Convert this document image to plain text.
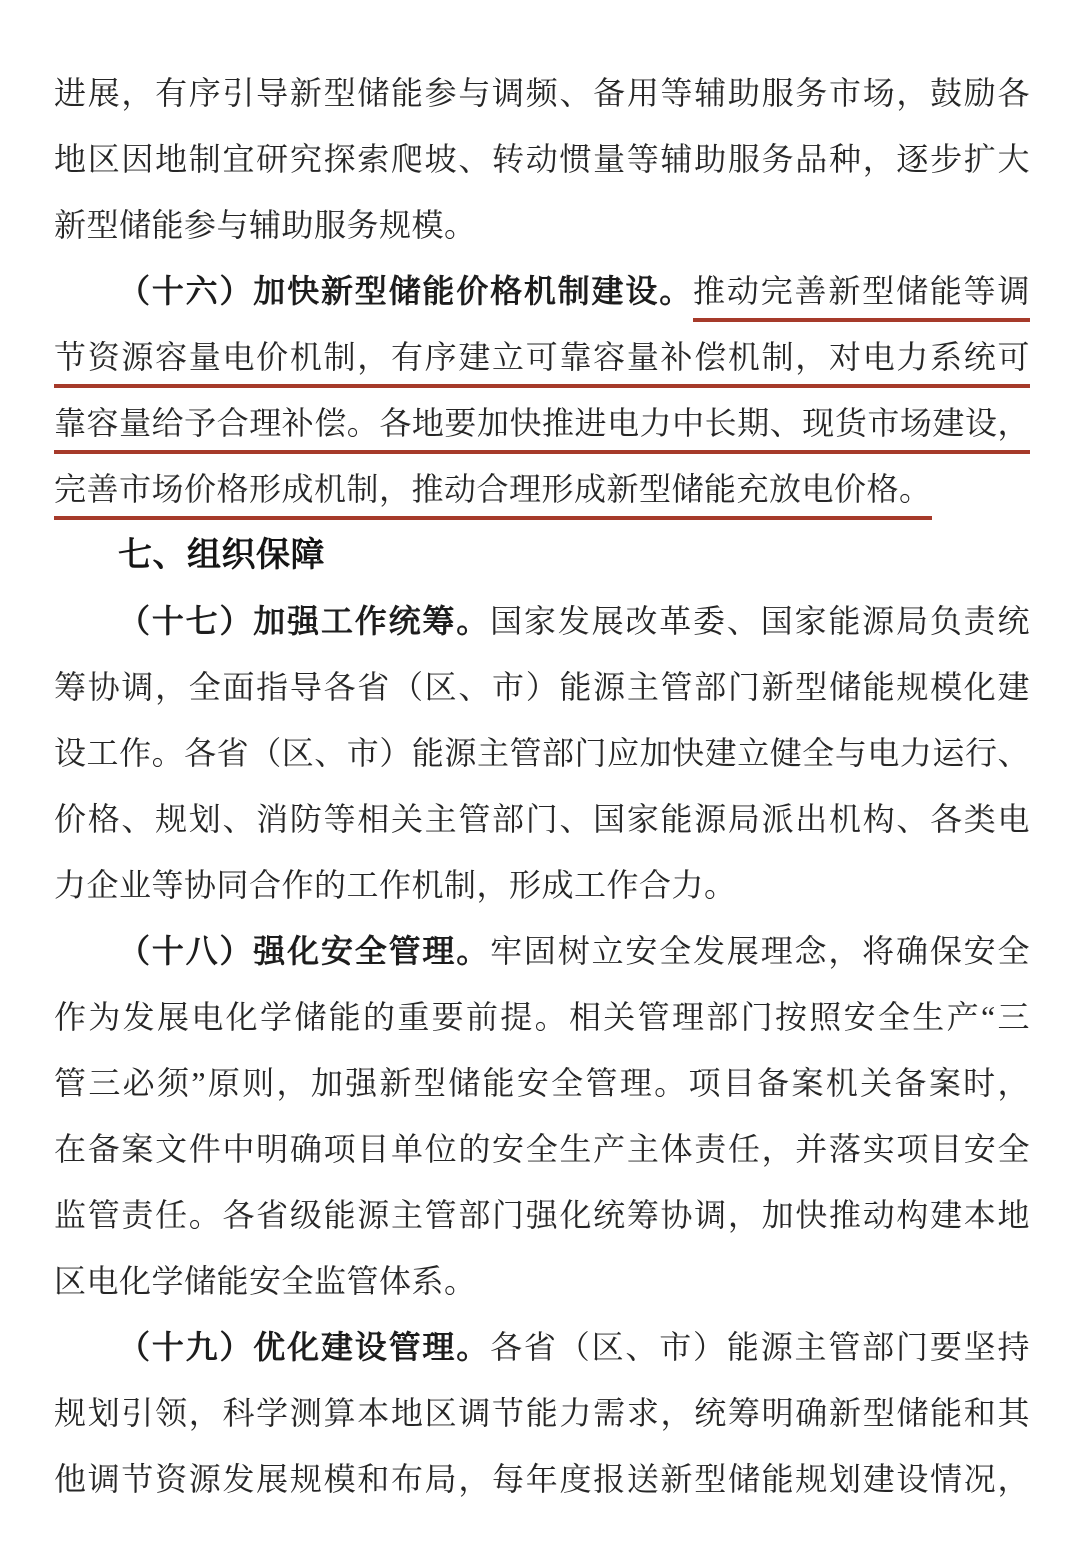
进展，有序引导新型储能参与调频、备用等辅助服务市场，鼓励各
地区因地制宜研究探索爬坡、转动惯量等辅助服务品种，逐步扩大
新型储能参与辅助服务规模。
（十六）加快新型储能价格机制建设。推动完善新型储能等调
节资源容量电价机制，有序建立可靠容量补偿机制，对电力系统可
靠容量给予合理补偿。各地要加快推进电力中长期、现货市场建设，
完善市场价格形成机制，推动合理形成新型储能充放电价格。
七、组织保障
（十七）加强工作统筹。国家发展改革委、国家能源局负责统
筹协调，全面指导各省（区、市）能源主管部门新型储能规模化建
设工作。各省（区、市）能源主管部门应加快建立健全与电力运行、
价格、规划、消防等相关主管部门、国家能源局派出机构、各类电
力企业等协同合作的工作机制，形成工作合力。
（十八）强化安全管理。牢固树立安全发展理念，将确保安全
作为发展电化学储能的重要前提。相关管理部门按照安全生产“三
管三必须”原则，加强新型储能安全管理。项目备案机关备案时，
在备案文件中明确项目单位的安全生产主体责任，并落实项目安全
监管责任。各省级能源主管部门强化统筹协调，加快推动构建本地
区电化学储能安全监管体系。
（十九）优化建设管理。各省（区、市）能源主管部门要坚持
规划引领，科学测算本地区调节能力需求，统筹明确新型储能和其
他调节资源发展规模和布局，每年度报送新型储能规划建设情况，
